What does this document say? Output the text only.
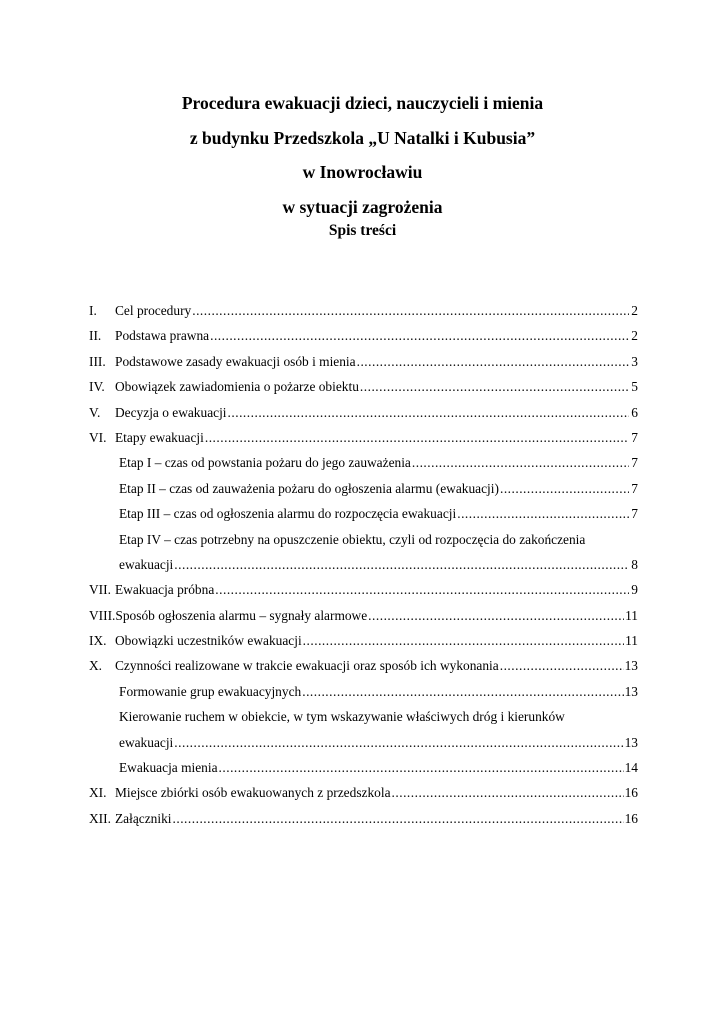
Procedura ewakuacji dzieci, nauczycieli i mienia
z budynku Przedszkola „U Natalki i Kubusia”
w Inowrocławiu
w sytuacji zagrożenia
Spis treści
I.	Cel procedury .....	2
II.	Podstawa prawna .....	2
III. Podstawowe zasady ewakuacji osób i mienia .....	3
IV. Obowiązek zawiadomienia o pożarze obiektu .....	5
V.	Decyzja o ewakuacji .....	6
VI. Etapy ewakuacji .....	7
Etap I – czas od powstania pożaru do jego zauważenia .....	7
Etap II – czas od zauważenia pożaru do ogłoszenia alarmu (ewakuacji) .....	7
Etap III – czas od ogłoszenia alarmu do rozpoczęcia ewakuacji .....	7
Etap IV – czas potrzebny na opuszczenie obiektu, czyli od rozpoczęcia do zakończenia
ewakuacji .....	8
VII. Ewakuacja próbna .....	9
VIII. Sposób ogłoszenia alarmu – sygnały alarmowe .....	11
IX. Obowiązki uczestników ewakuacji .....	11
X. Czynności realizowane w trakcie ewakuacji oraz sposób ich wykonania .....	13
Formowanie grup ewakuacyjnych .....	13
Kierowanie ruchem w obiekcie, w tym wskazywanie właściwych dróg i kierunków
ewakuacji .....	13
Ewakuacja mienia .....	14
XI. Miejsce zbiórki osób ewakuowanych z przedszkola .....	16
XII. Załączniki .....	16
